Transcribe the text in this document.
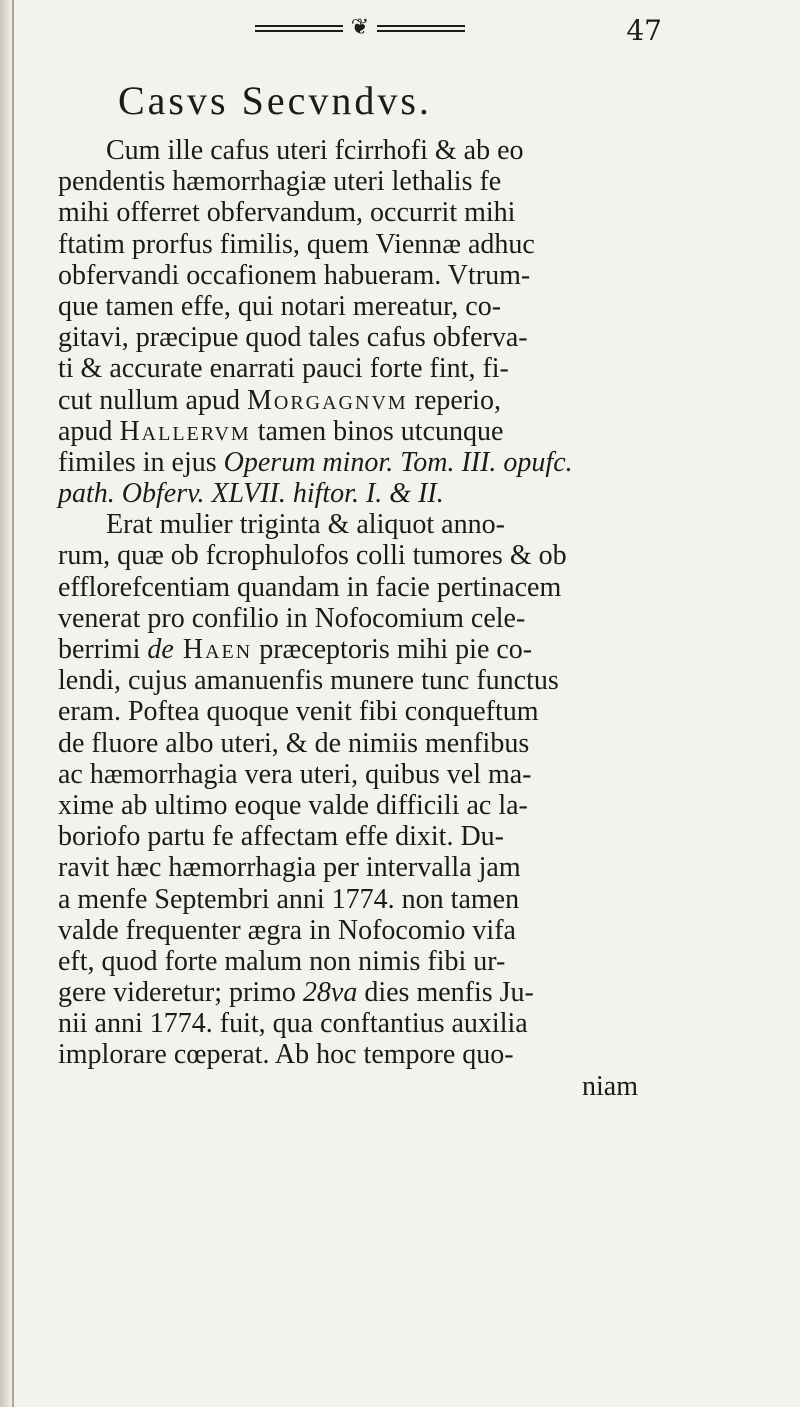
❦	47
Casvs Secvndvs.
Cum ille cafus uteri fcirrhofi & ab eo
pendentis hæmorrhagiæ uteri lethalis fe
mihi offerret obfervandum, occurrit mihi
ftatim prorfus fimilis, quem Viennæ adhuc
obfervandi occafionem habueram. Vtrum-
que tamen effe, qui notari mereatur, co-
gitavi, præcipue quod tales cafus obferva-
ti & accurate enarrati pauci forte fint, fi-
cut nullum apud Morgagnvm reperio,
apud Hallervm tamen binos utcunque
fimiles in ejus Operum minor. Tom. III. opufc.
path. Obferv. XLVII. hiftor. I. & II.
Erat mulier triginta & aliquot anno-
rum, quæ ob fcrophulofos colli tumores & ob
efflorefcentiam quandam in facie pertinacem
venerat pro confilio in Nofocomium cele-
berrimi de Haen præceptoris mihi pie co-
lendi, cujus amanuenfis munere tunc functus
eram. Poftea quoque venit fibi conqueftum
de fluore albo uteri, & de nimiis menfibus
ac hæmorrhagia vera uteri, quibus vel ma-
xime ab ultimo eoque valde difficili ac la-
boriofo partu fe affectam effe dixit. Du-
ravit hæc hæmorrhagia per intervalla jam
a menfe Septembri anni 1774. non tamen
valde frequenter ægra in Nofocomio vifa
eft, quod forte malum non nimis fibi ur-
gere videretur; primo 28va dies menfis Ju-
nii anni 1774. fuit, qua conftantius auxilia
implorare cœperat. Ab hoc tempore quo-
niam
